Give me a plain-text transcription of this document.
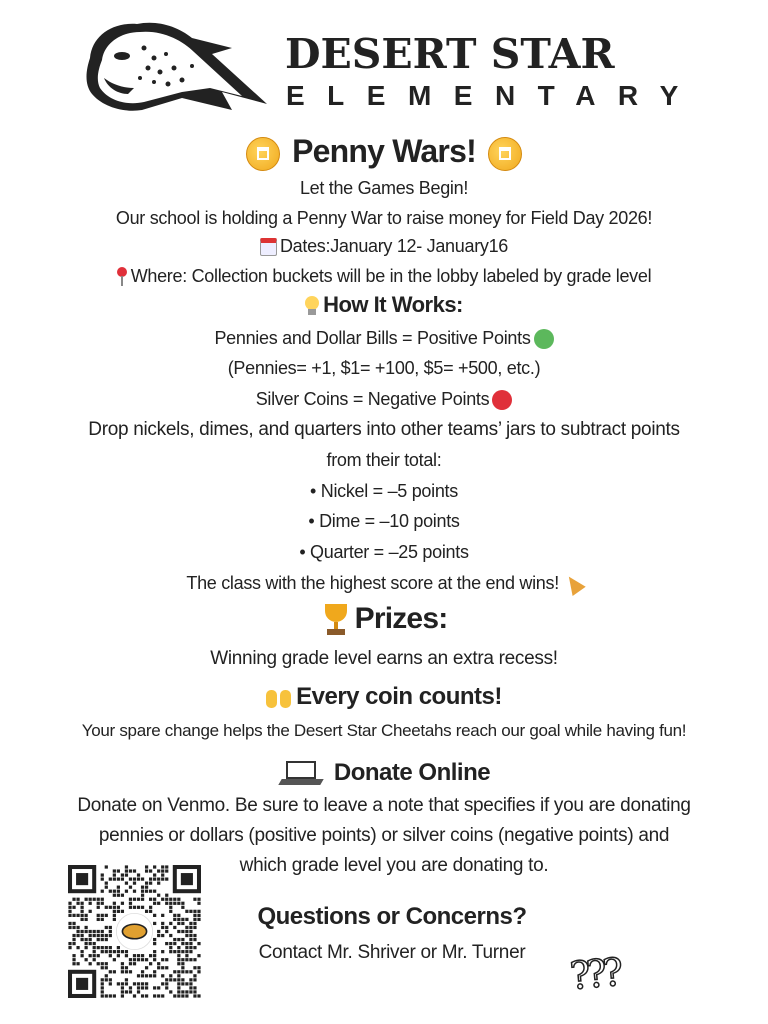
DESERT STAR
ELEMENTARY
Penny Wars!
Let the Games Begin!
Our school is holding a Penny War to raise money for Field Day 2026!
Dates:January 12- January16
Where: Collection buckets will be in the lobby labeled by grade level
How It Works:
Pennies and Dollar Bills = Positive Points
(Pennies= +1, $1= +100, $5= +500, etc.)
Silver Coins = Negative Points
Drop nickels, dimes, and quarters into other teams’ jars to subtract points
from their total:
• Nickel = –5 points
• Dime = –10 points
• Quarter = –25 points
The class with the highest score at the end wins!
Prizes:
Winning grade level earns an extra recess!
Every coin counts!
Your spare change helps the Desert Star Cheetahs reach our goal while having fun!
Donate Online
Donate on Venmo. Be sure to leave a note that specifies if you are donating
pennies or dollars (positive points) or silver coins (negative points) and
which grade level you are donating to.
Questions or Concerns?
Contact Mr. Shriver or Mr. Turner	???
